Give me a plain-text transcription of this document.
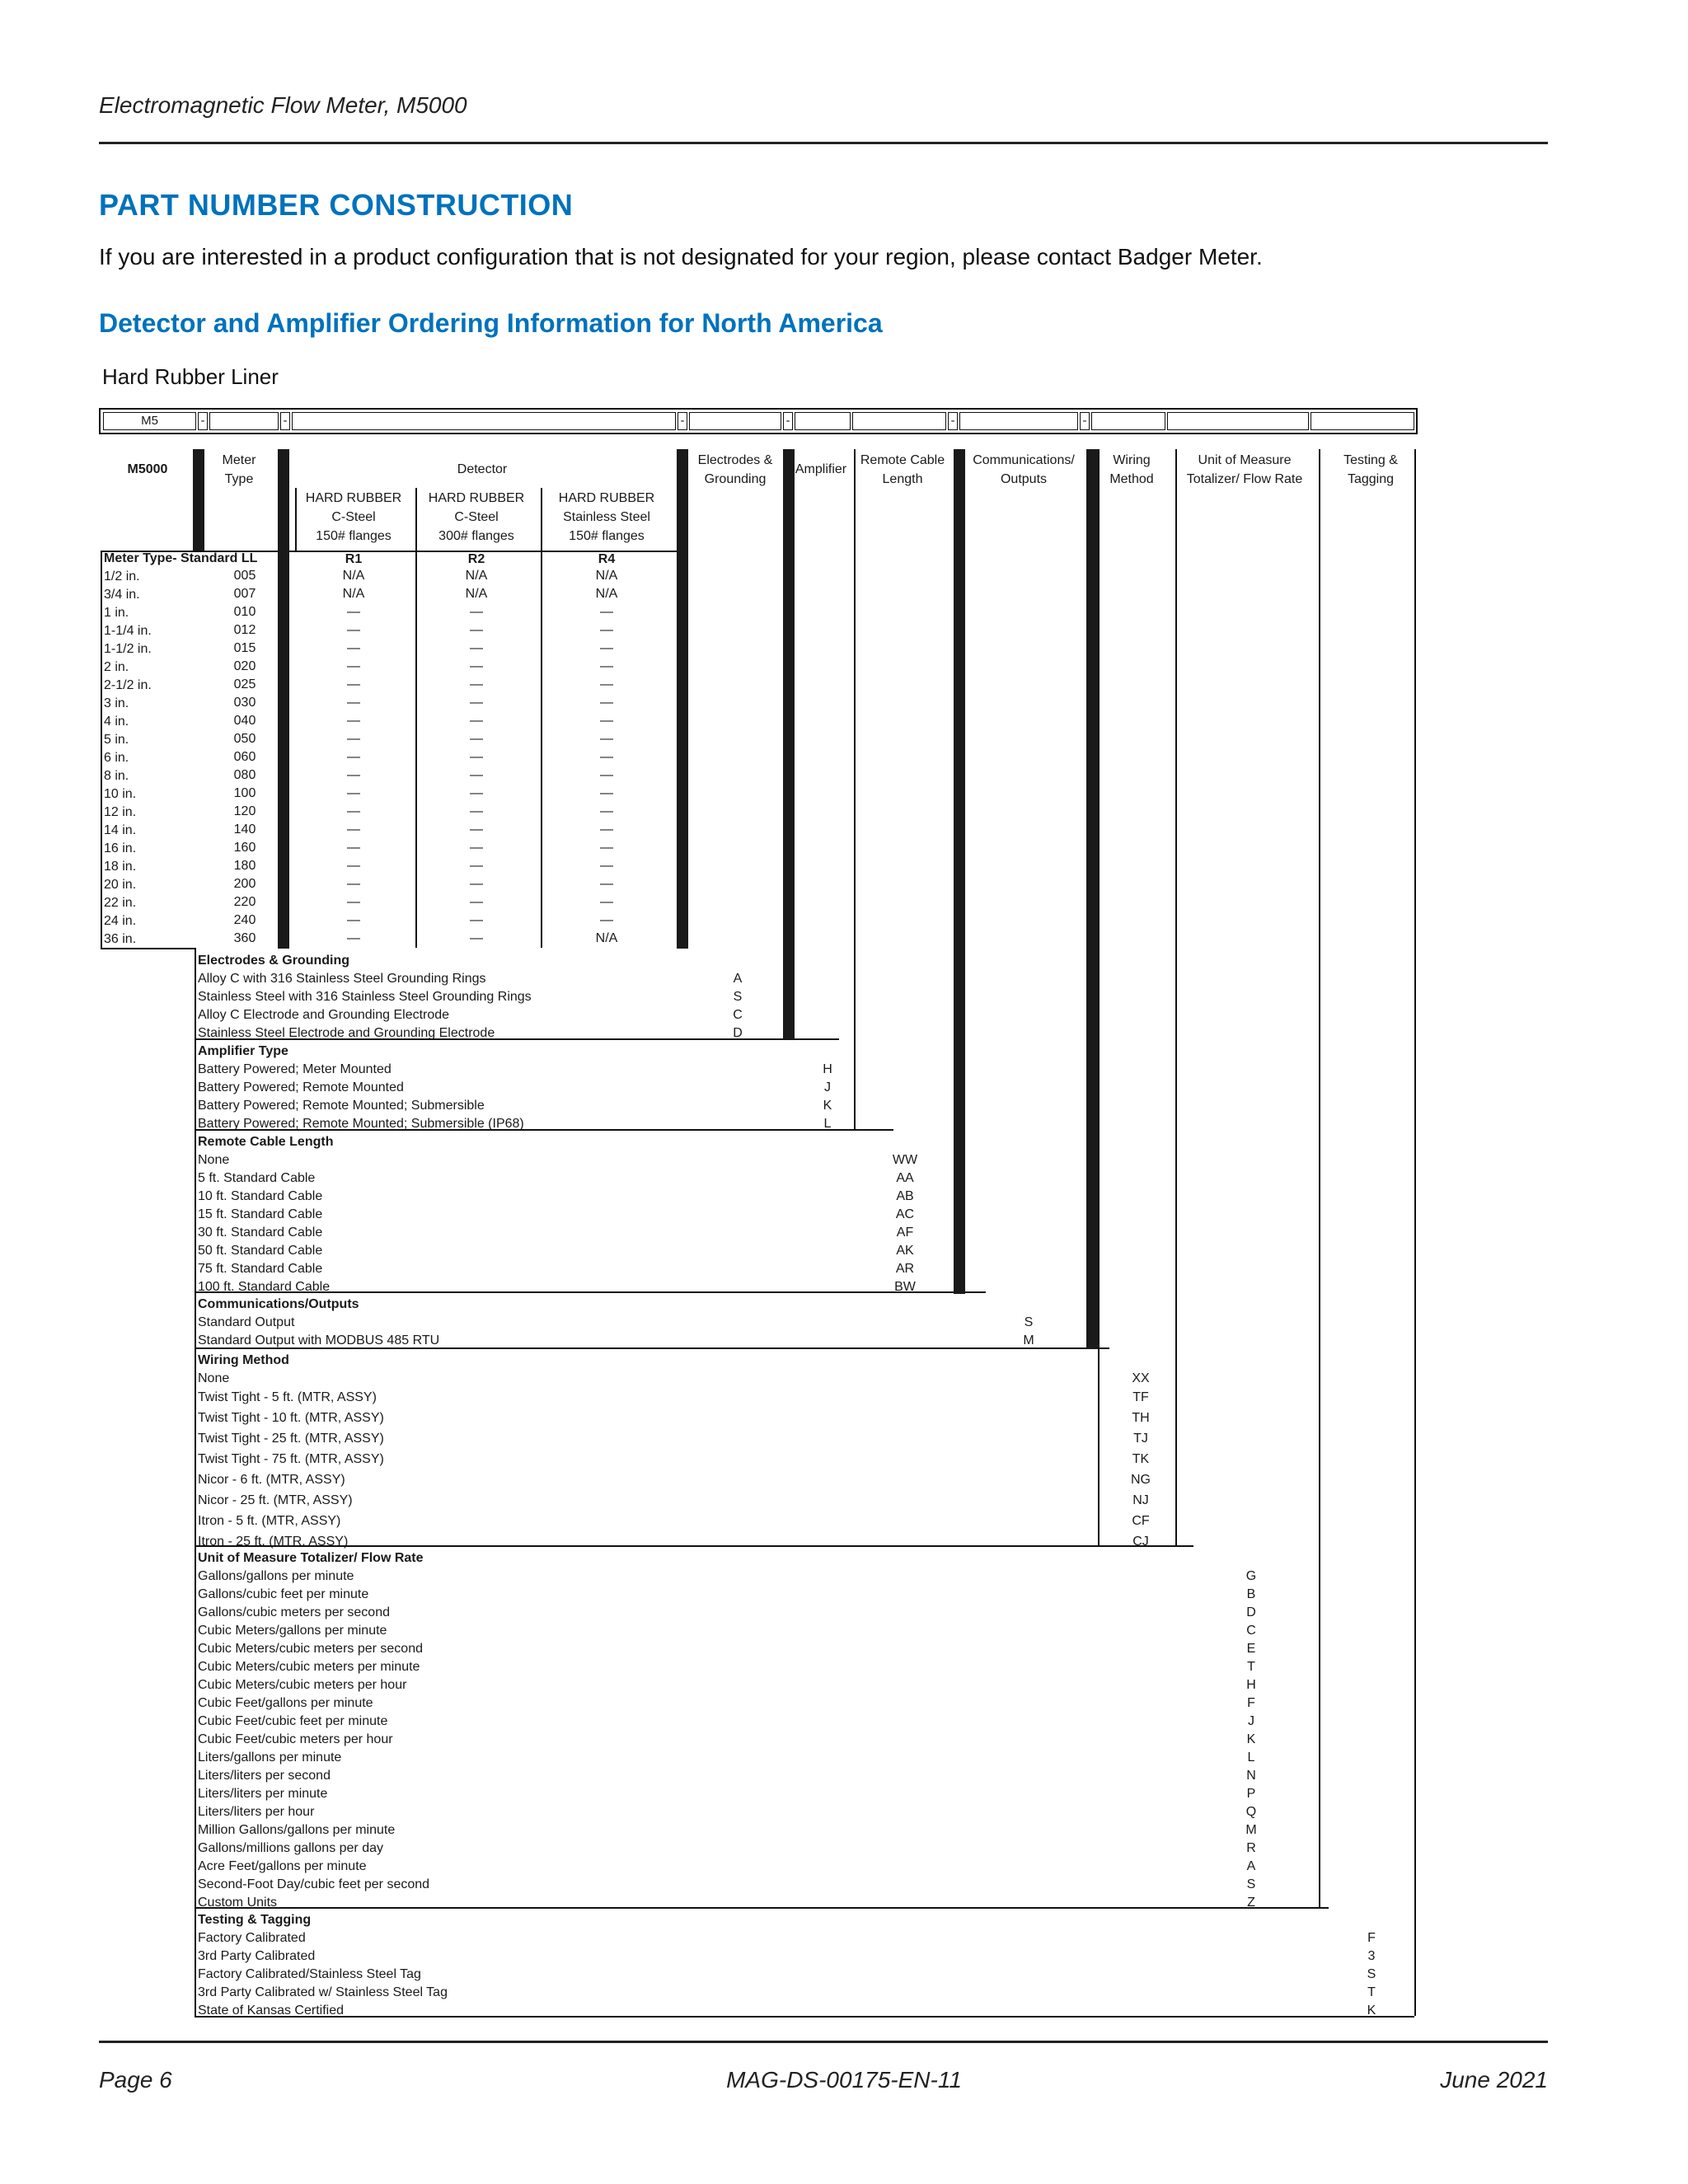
Electromagnetic Flow Meter, M5000
PART NUMBER CONSTRUCTION
If you are interested in a product configuration that is not designated for your region, please contact Badger Meter.
Detector and Amplifier Ordering Information for North America
Hard Rubber Liner
M5	-	-	-	-	-	-
M5000
Meter
Type
Detector
Electrodes &
Grounding
Amplifier
Remote Cable
Length
Communications/
Outputs
Wiring
Method
Unit of Measure
Totalizer/ Flow Rate
Testing &
Tagging
HARD RUBBER
C-Steel
150# flanges
HARD RUBBER
C-Steel
300# flanges
HARD RUBBER
Stainless Steel
150# flanges
Meter Type- Standard LL	R1	R2	R4
1/2 in.	005	N/A	N/A	N/A
3/4 in.	007	N/A	N/A	N/A
1 in.	010	—	—	—
1-1/4 in.	012	—	—	—
1-1/2 in.	015	—	—	—
2 in.	020	—	—	—
2-1/2 in.	025	—	—	—
3 in.	030	—	—	—
4 in.	040	—	—	—
5 in.	050	—	—	—
6 in.	060	—	—	—
8 in.	080	—	—	—
10 in.	100	—	—	—
12 in.	120	—	—	—
14 in.	140	—	—	—
16 in.	160	—	—	—
18 in.	180	—	—	—
20 in.	200	—	—	—
22 in.	220	—	—	—
24 in.	240	—	—	—
36 in.	360	—	—	N/A
Electrodes & Grounding
Alloy C with 316 Stainless Steel Grounding Rings	A
Stainless Steel with 316 Stainless Steel Grounding Rings	S
Alloy C Electrode and Grounding Electrode	C
Stainless Steel Electrode and Grounding Electrode	D
Amplifier Type
Battery Powered; Meter Mounted	H
Battery Powered; Remote Mounted	J
Battery Powered; Remote Mounted; Submersible	K
Battery Powered; Remote Mounted; Submersible (IP68)	L
Remote Cable Length
None	WW
5 ft. Standard Cable	AA
10 ft. Standard Cable	AB
15 ft. Standard Cable	AC
30 ft. Standard Cable	AF
50 ft. Standard Cable	AK
75 ft. Standard Cable	AR
100 ft. Standard Cable	BW
Communications/Outputs
Standard Output	S
Standard Output with MODBUS 485 RTU	M
Wiring Method
None	XX
Twist Tight - 5 ft. (MTR, ASSY)	TF
Twist Tight - 10 ft. (MTR, ASSY)	TH
Twist Tight - 25 ft. (MTR, ASSY)	TJ
Twist Tight - 75 ft. (MTR, ASSY)	TK
Nicor - 6 ft. (MTR, ASSY)	NG
Nicor - 25 ft. (MTR, ASSY)	NJ
Itron - 5 ft. (MTR, ASSY)	CF
Itron - 25 ft. (MTR, ASSY)	CJ
Unit of Measure Totalizer/ Flow Rate
Gallons/gallons per minute	G
Gallons/cubic feet per minute	B
Gallons/cubic meters per second	D
Cubic Meters/gallons per minute	C
Cubic Meters/cubic meters per second	E
Cubic Meters/cubic meters per minute	T
Cubic Meters/cubic meters per hour	H
Cubic Feet/gallons per minute	F
Cubic Feet/cubic feet per minute	J
Cubic Feet/cubic meters per hour	K
Liters/gallons per minute	L
Liters/liters per second	N
Liters/liters per minute	P
Liters/liters per hour	Q
Million Gallons/gallons per minute	M
Gallons/millions gallons per day	R
Acre Feet/gallons per minute	A
Second-Foot Day/cubic feet per second	S
Custom Units	Z
Testing & Tagging
Factory Calibrated	F
3rd Party Calibrated	3
Factory Calibrated/Stainless Steel Tag	S
3rd Party Calibrated w/ Stainless Steel Tag	T
State of Kansas Certified	K
Page 6	MAG-DS-00175-EN-11	June 2021
